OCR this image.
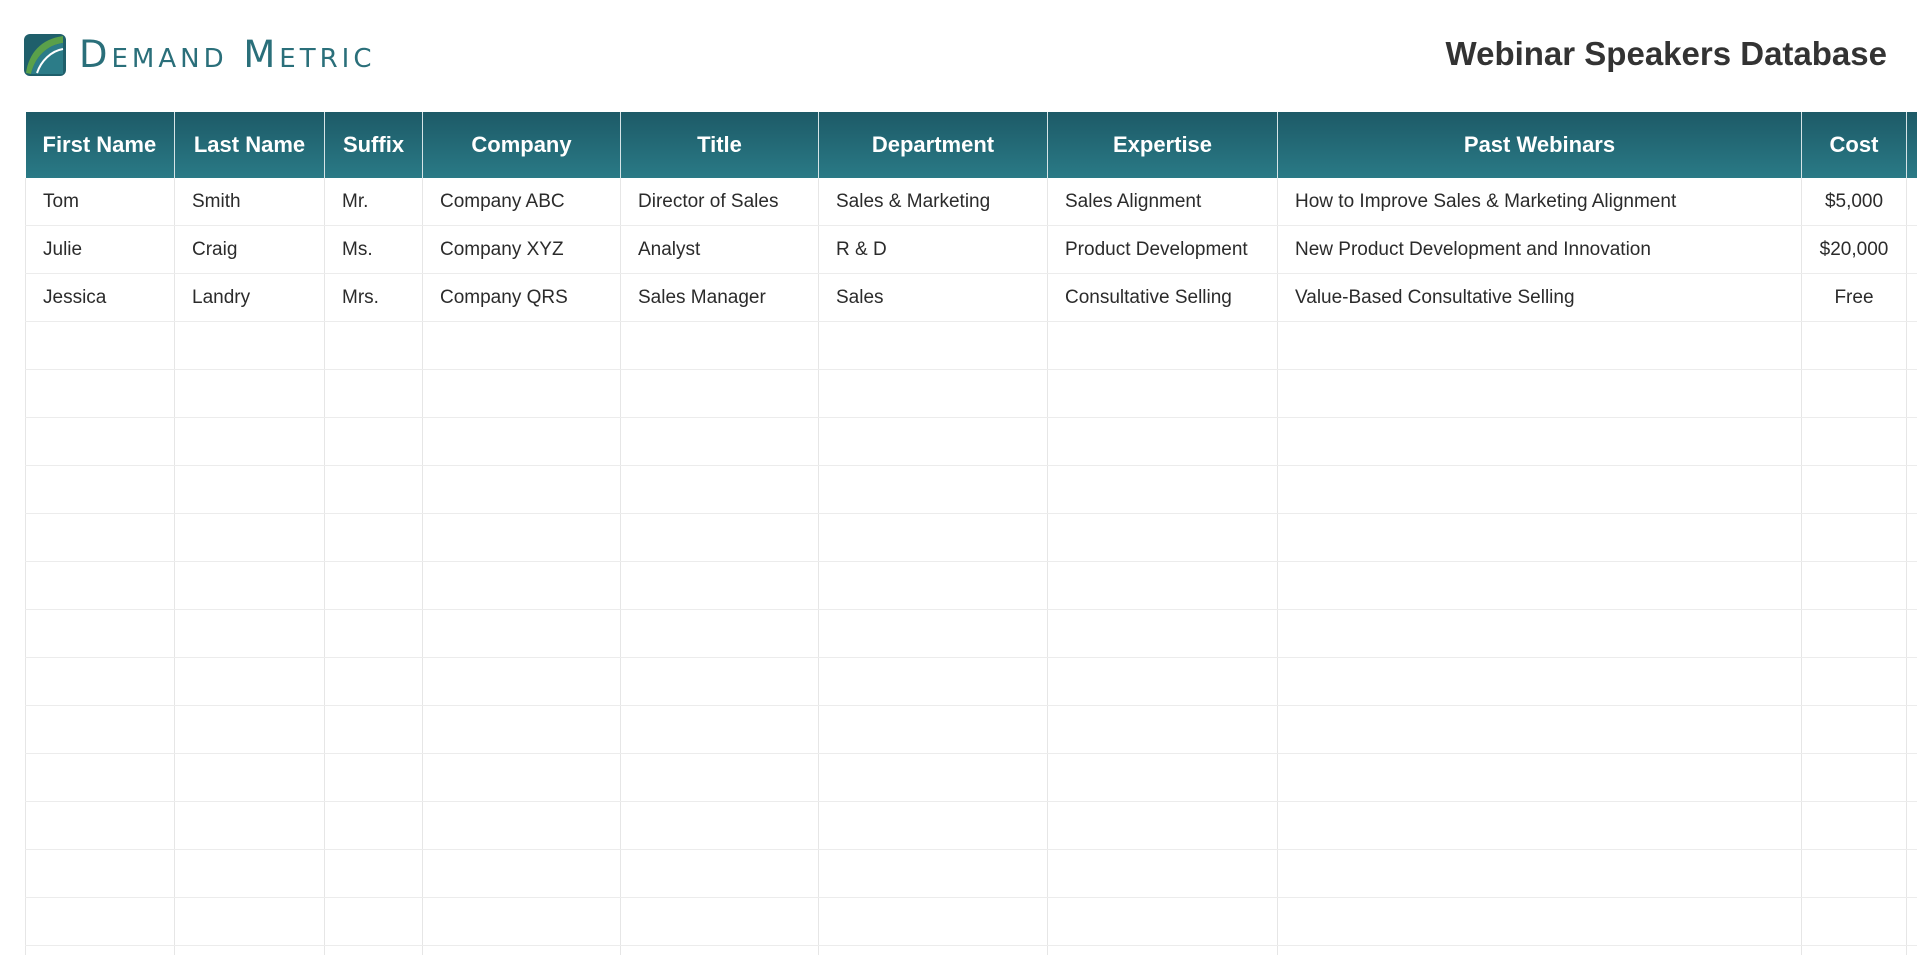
Demand Metric	Webinar Speakers Database
First Name	Last Name	Suffix	Company	Title	Department	Expertise	Past Webinars	Cost	
Tom	Smith	Mr.	Company ABC	Director of Sales	Sales & Marketing	Sales Alignment	How to Improve Sales & Marketing Alignment	$5,000	
Julie	Craig	Ms.	Company XYZ	Analyst	R & D	Product Development	New Product Development and Innovation	$20,000	
Jessica	Landry	Mrs.	Company QRS	Sales Manager	Sales	Consultative Selling	Value-Based Consultative Selling	Free	
